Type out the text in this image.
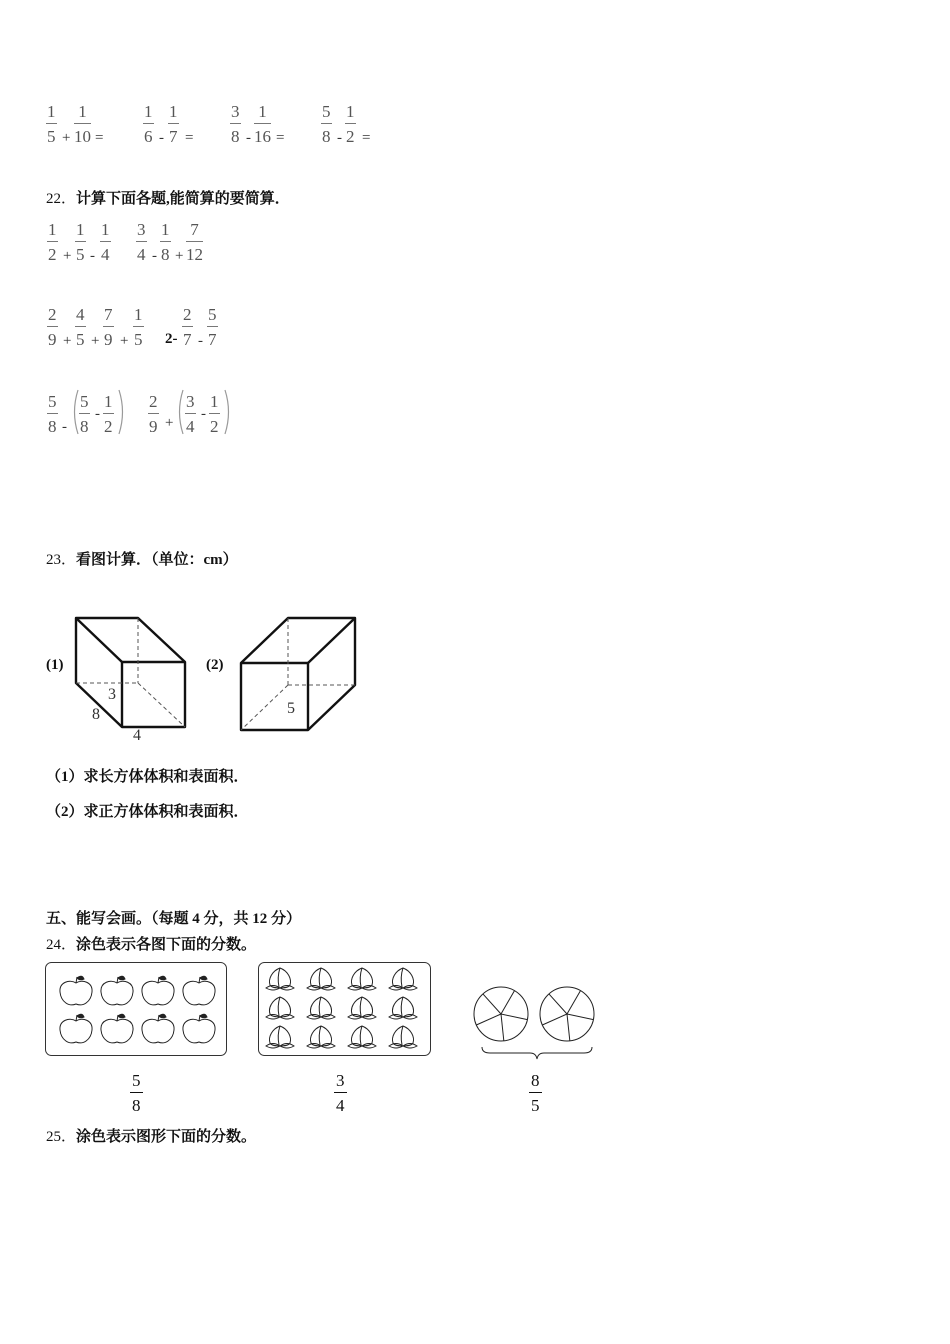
$\frac{1}{5} + \frac{1}{10} = \frac{1}{6} - \frac{1}{7} = \frac{3}{8} - \frac{1}{16} = \frac{5}{8} - \frac{1}{2}$ =
22．计算下面各题,能简算的要简算．
$\frac{1}{2} + \frac{1}{5} - \frac{1}{4} \frac{3}{4} - \frac{1}{8} + \frac{7}{12}$
$\frac{2}{9} + \frac{4}{5} + \frac{7}{9} + \frac{1}{5} 2- \frac{2}{7} - \frac{5}{7}$
$\frac{5}{8} - \frac{5}{8} - \frac{1}{2} \frac{2}{9} + \frac{3}{4} - \frac{1}{2}$
23．看图计算．（单位：cm）
(1)
3
8
4
(2)
5
（1）求长方体体积和表面积．
（2）求正方体体积和表面积．
五、能写会画。（每题 4 分，共 12 分）
24．涂色表示各图下面的分数。
$\frac{5}{8}$	$\frac{3}{4}$	$\frac{8}{5}$
25．涂色表示图形下面的分数。
